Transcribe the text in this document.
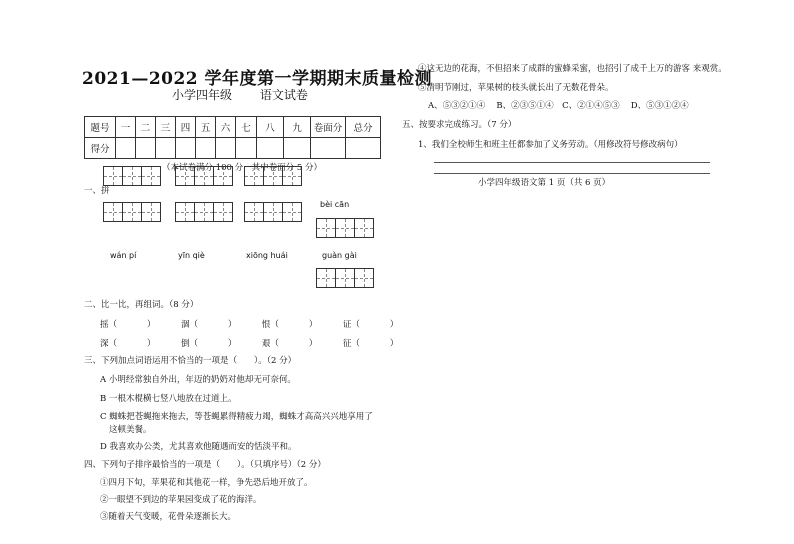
2021—2022 学年度第一学期期末质量检测
小学四年级 语文试卷
题号	一	二	三	四	五	六	七	八	九	卷面分	总分
得分											
（本试卷满分 100 分，其中卷面分 5 分）
一、拼
bèi cān
wán pí	yīn qiè	xiōng huái	guàn gài
二、比一比，再组词。（8 分）
摇（	）	涸（	）	恨（	）	证（	）
深（	）	倒（	）	艰（	）	征（	）
三、下列加点词语运用不恰当的一项是（　　）。（2 分）
A 小明经常独自外出，年迈的奶奶对他却无可奈何。
B 一根木棍横七竖八地放在过道上。
C 蜘蛛把苍蝇拖来拖去，等苍蝇累得精疲力竭，蜘蛛才高高兴兴地享用了
这顿美餐。
D 我喜欢办公类，尤其喜欢他随遇而安的恬淡平和。
四、下列句子排序最恰当的一项是（　　）。（只填序号）（2 分）
①四月下旬，苹果花和其他花一样，争先恐后地开放了。
②一眼望不到边的苹果园变成了花的海洋。
③随着天气变暖，花骨朵逐渐长大。
④这无边的花海，不但招来了成群的蜜蜂采蜜，也招引了成千上万的游客 来观赏。
⑤清明节刚过，苹果树的枝头就长出了无数花骨朵。
A、⑤③②①④　 B、②③⑤①④　C、②①④⑤③　 D、⑤③①②④
五、按要求完成练习。（7 分）
1、我们全校师生和班主任都参加了义务劳动。（用修改符号修改病句）
小学四年级语文第 1 页（共 6 页）
